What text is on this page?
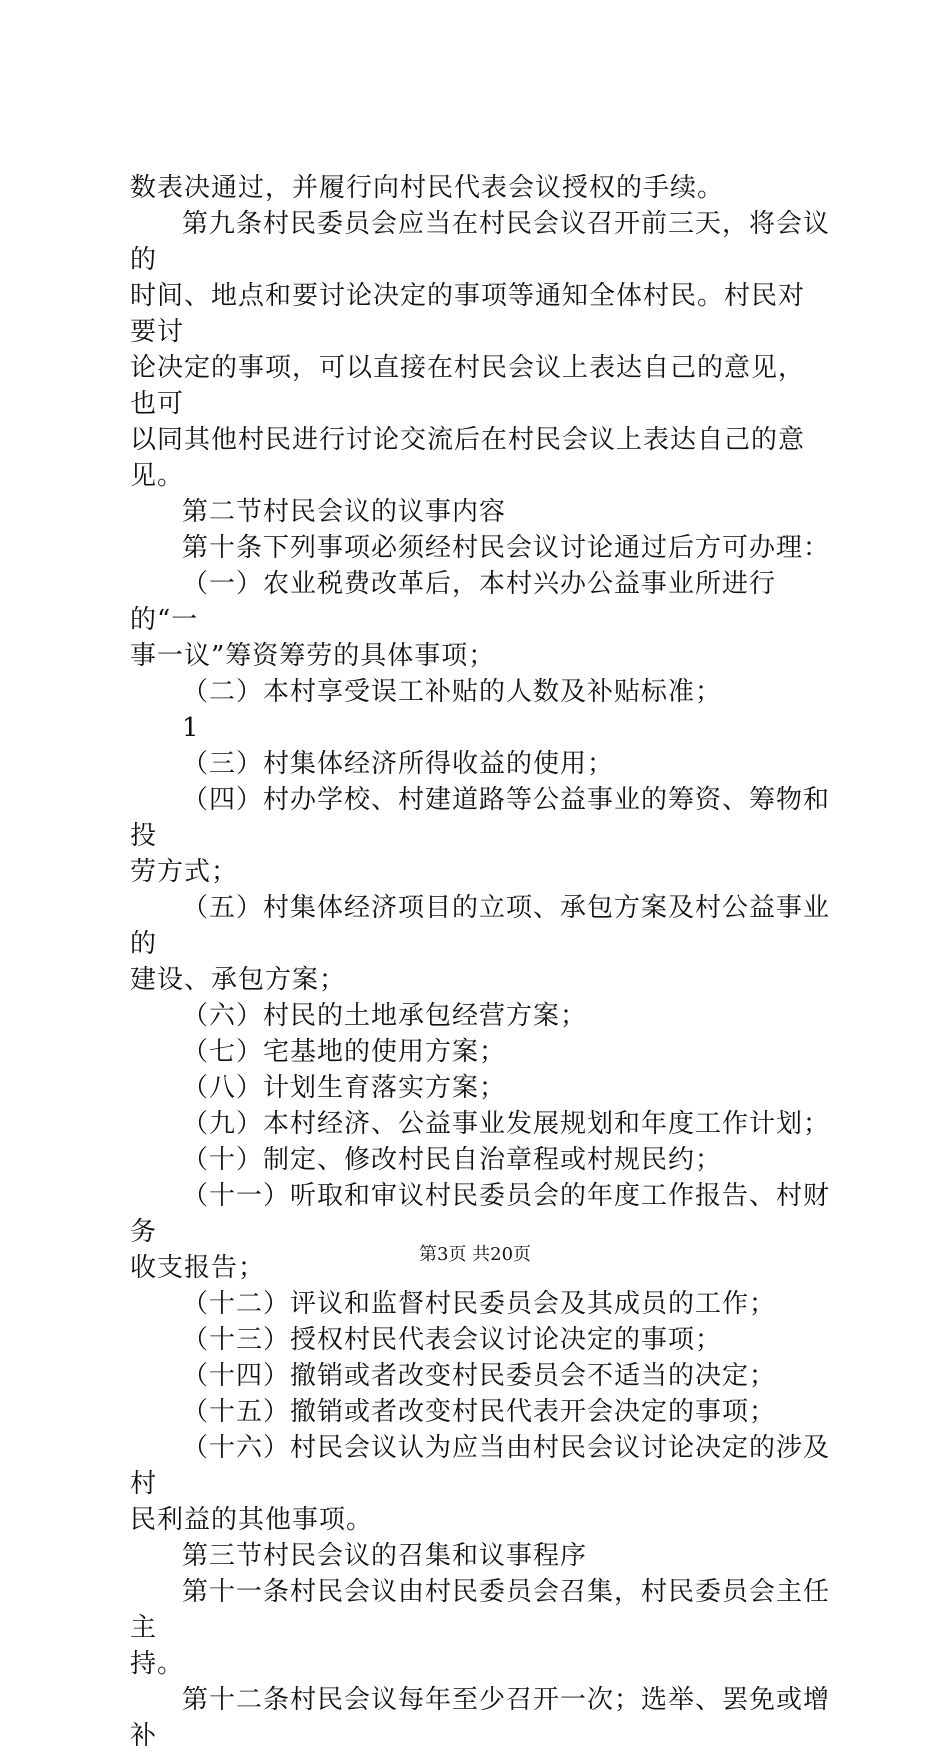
数表决通过，并履行向村民代表会议授权的手续。

第九条村民委员会应当在村民会议召开前三天，将会议的

时间、地点和要讨论决定的事项等通知全体村民。村民对要讨

论决定的事项，可以直接在村民会议上表达自己的意见，也可

以同其他村民进行讨论交流后在村民会议上表达自己的意见。

第二节村民会议的议事内容

第十条下列事项必须经村民会议讨论通过后方可办理：

（一）农业税费改革后，本村兴办公益事业所进行的“一

事一议”筹资筹劳的具体事项；

（二）本村享受误工补贴的人数及补贴标准；

1

（三）村集体经济所得收益的使用；

（四）村办学校、村建道路等公益事业的筹资、筹物和投

劳方式；

（五）村集体经济项目的立项、承包方案及村公益事业的

建设、承包方案；

（六）村民的土地承包经营方案；

（七）宅基地的使用方案；

（八）计划生育落实方案；

（九）本村经济、公益事业发展规划和年度工作计划；

（十）制定、修改村民自治章程或村规民约；

（十一）听取和审议村民委员会的年度工作报告、村财务

收支报告；

（十二）评议和监督村民委员会及其成员的工作；

（十三）授权村民代表会议讨论决定的事项；

（十四）撤销或者改变村民委员会不适当的决定；

（十五）撤销或者改变村民代表开会决定的事项；

（十六）村民会议认为应当由村民会议讨论决定的涉及村

民利益的其他事项。

第三节村民会议的召集和议事程序

第十一条村民会议由村民委员会召集，村民委员会主任主

持。

第十二条村民会议每年至少召开一次；选举、罢免或增补

第3页 共20页
